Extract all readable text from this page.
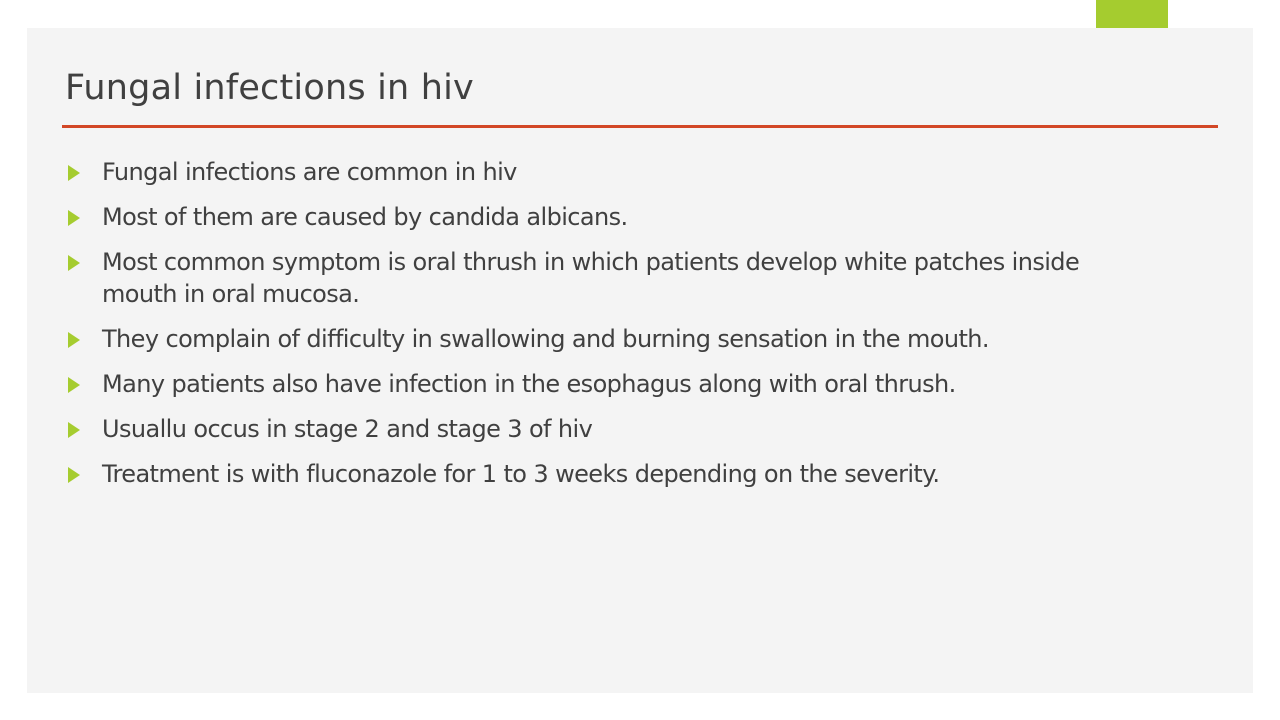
Fungal infections in hiv
Fungal infections are common in hiv
Most of them are caused by candida albicans.
Most common symptom is oral thrush in which patients develop white patches inside mouth in oral mucosa.
They complain of difficulty in swallowing and burning sensation in the mouth.
Many patients also have infection in the esophagus along with oral thrush.
Usuallu occus in stage 2 and stage 3 of hiv
Treatment is with fluconazole for 1 to 3 weeks depending on the severity.
